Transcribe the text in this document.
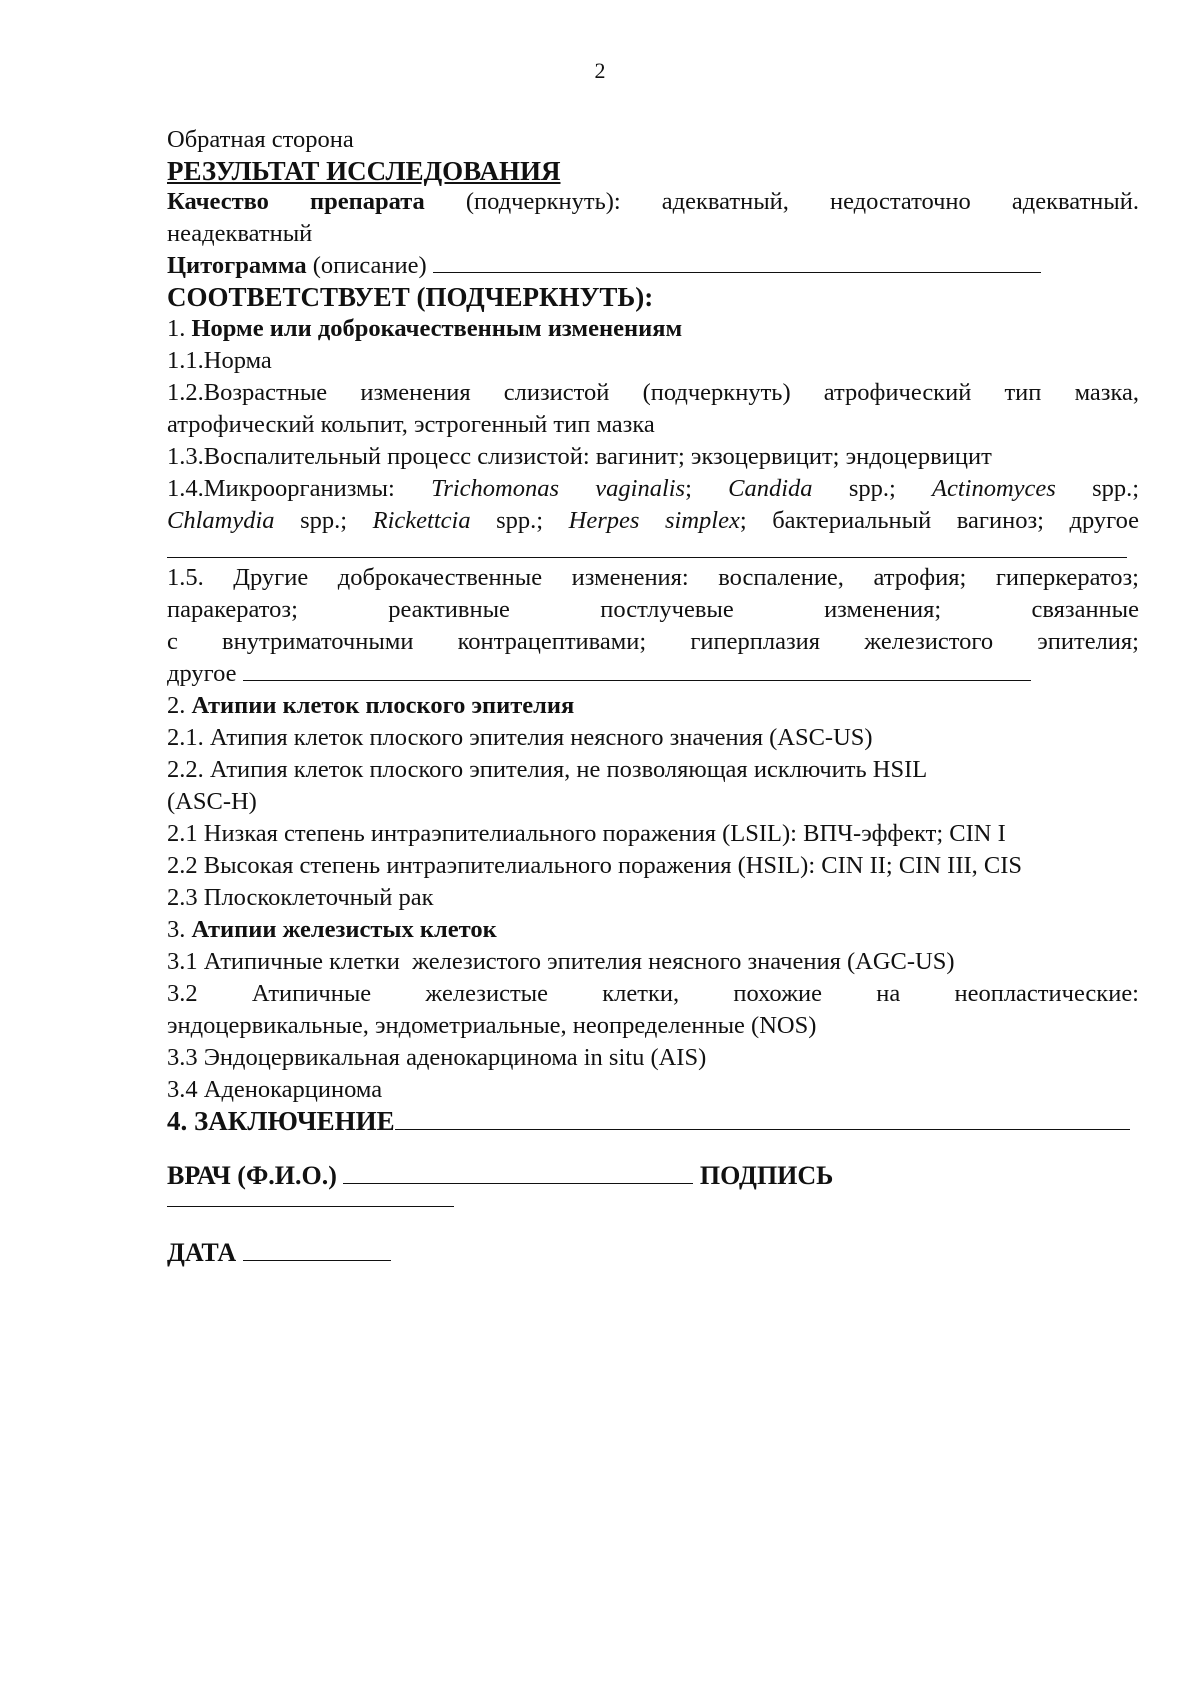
2
Обратная сторона
РЕЗУЛЬТАТ ИССЛЕДОВАНИЯ
Качество препарата (подчеркнуть): адекватный, недостаточно адекватный.
неадекватный
Цитограмма (описание)
СООТВЕТСТВУЕТ (ПОДЧЕРКНУТЬ):
1. Норме или доброкачественным изменениям
1.1.Норма
1.2.Возрастные изменения слизистой (подчеркнуть) атрофический тип мазка,
атрофический кольпит, эстрогенный тип мазка
1.3.Воспалительный процесс слизистой: вагинит; экзоцервицит; эндоцервицит
1.4.Микроорганизмы: Trichomonas vaginalis; Candida spp.; Actinomyces spp.;
Chlamydia spp.; Rickettcia spp.; Herpes simplex; бактериальный вагиноз; другое
1.5. Другие доброкачественные изменения: воспаление, атрофия; гиперкератоз;
паракератоз; реактивные постлучевые изменения; связанные
с внутриматочными контрацептивами; гиперплазия железистого эпителия;
другое
2. Атипии клеток плоского эпителия
2.1. Атипия клеток плоского эпителия неясного значения (ASC-US)
2.2. Атипия клеток плоского эпителия, не позволяющая исключить HSIL
(ASC-H)
2.1 Низкая степень интраэпителиального поражения (LSIL): ВПЧ-эффект; CIN I
2.2 Высокая степень интраэпителиального поражения (HSIL): CIN II; CIN III, CIS
2.3 Плоскоклеточный рак
3. Атипии железистых клеток
3.1 Атипичные клетки  железистого эпителия неясного значения (AGC-US)
3.2 Атипичные железистые клетки, похожие на неопластические:
эндоцервикальные, эндометриальные, неопределенные (NOS)
3.3 Эндоцервикальная аденокарцинома in situ (AIS)
3.4 Аденокарцинома
4. ЗАКЛЮЧЕНИЕ
ВРАЧ (Ф.И.О.)	ПОДПИСЬ
ДАТА
